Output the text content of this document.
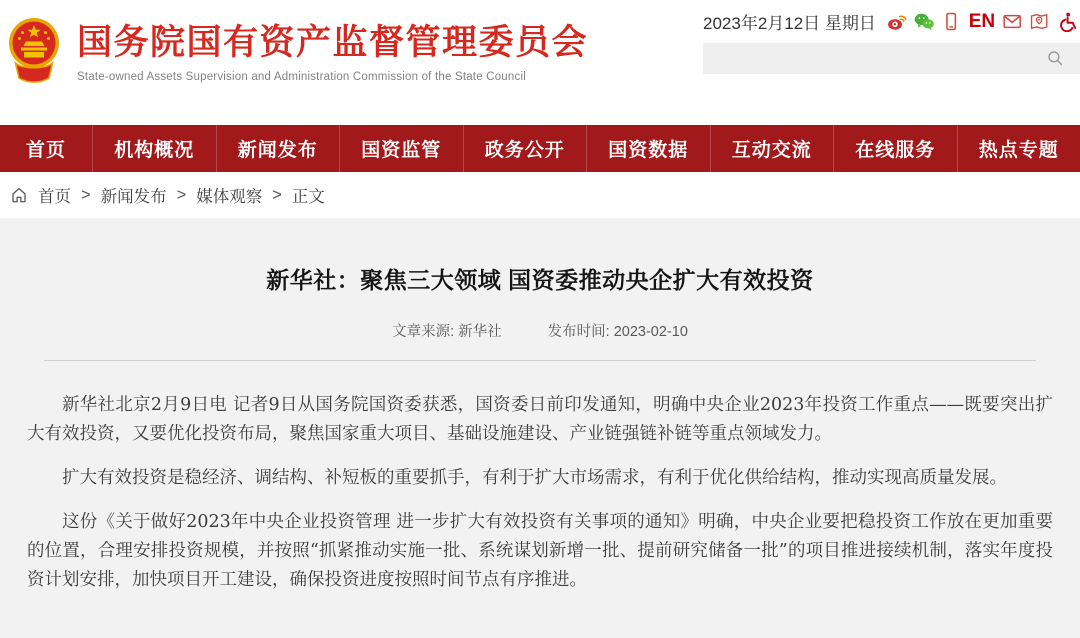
国务院国有资产监督管理委员会
State-owned Assets Supervision and Administration Commission of the State Council
2023年2月12日 星期日	EN
首页	机构概况	新闻发布	国资监管	政务公开	国资数据	互动交流	在线服务	热点专题
首页 > 新闻发布 > 媒体观察 > 正文
新华社：聚焦三大领域 国资委推动央企扩大有效投资
文章来源: 新华社	发布时间: 2023-02-10

新华社北京2月9日电 记者9日从国务院国资委获悉，国资委日前印发通知，明确中央企业2023年投资工作重点——既要突出扩大有效投资，又要优化投资布局，聚焦国家重大项目、基础设施建设、产业链强链补链等重点领域发力。

扩大有效投资是稳经济、调结构、补短板的重要抓手，有利于扩大市场需求，有利于优化供给结构，推动实现高质量发展。

这份《关于做好2023年中央企业投资管理 进一步扩大有效投资有关事项的通知》明确，中央企业要把稳投资工作放在更加重要的位置，合理安排投资规模，并按照“抓紧推动实施一批、系统谋划新增一批、提前研究储备一批”的项目推进接续机制，落实年度投资计划安排，加快项目开工建设，确保投资进度按照时间节点有序推进。
